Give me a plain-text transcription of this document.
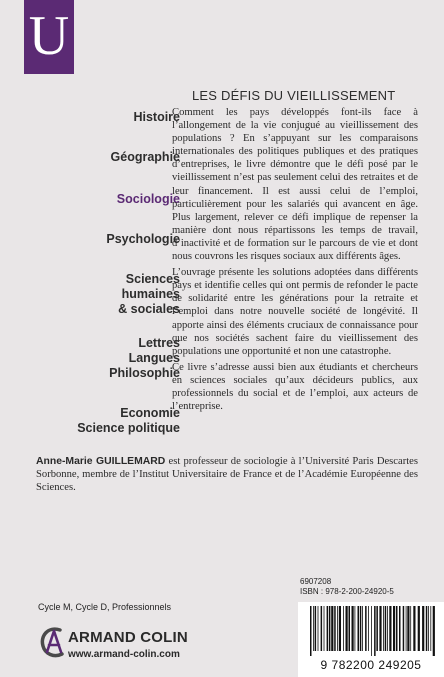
U
Histoire
Géographie
Sociologie
Psychologie
Sciences
humaines
& sociales
Lettres
Langues
Philosophie
Economie
Science politique
LES DÉFIS DU VIEILLISSEMENT

Comment les pays développés font-ils face à l’allongement de la vie conjugué au vieillissement des populations ? En s’appuyant sur les comparaisons internationales des politiques publiques et des pratiques d’entreprises, le livre démontre que le défi posé par le vieillissement n’est pas seulement celui des retraites et de leur financement. Il est aussi celui de l’emploi, particulièrement pour les salariés qui avancent en âge. Plus largement, relever ce défi implique de repenser la manière dont nous répartissons les temps de travail, d’inactivité et de formation sur le parcours de vie et dont nous couvrons les risques sociaux aux différents âges.

L’ouvrage présente les solutions adoptées dans différents pays et identifie celles qui ont permis de refonder le pacte de solidarité entre les générations pour la retraite et l’emploi dans notre nouvelle société de longévité. Il apporte ainsi des éléments cruciaux de connaissance pour que nos sociétés sachent faire du vieillissement des populations une opportunité et non une catastrophe.

Ce livre s’adresse aussi bien aux étudiants et chercheurs en sciences sociales qu’aux décideurs publics, aux professionnels du social et de l’emploi, aux acteurs de l’entreprise.

Anne-Marie GUILLEMARD est professeur de sociologie à l’Université Paris Descartes Sorbonne, membre de l’Institut Universitaire de France et de l’Académie Européenne des Sciences.
6907208
ISBN : 978-2-200-24920-5
Cycle M, Cycle D, Professionnels
ARMAND COLIN
www.armand-colin.com
9 782200 249205
